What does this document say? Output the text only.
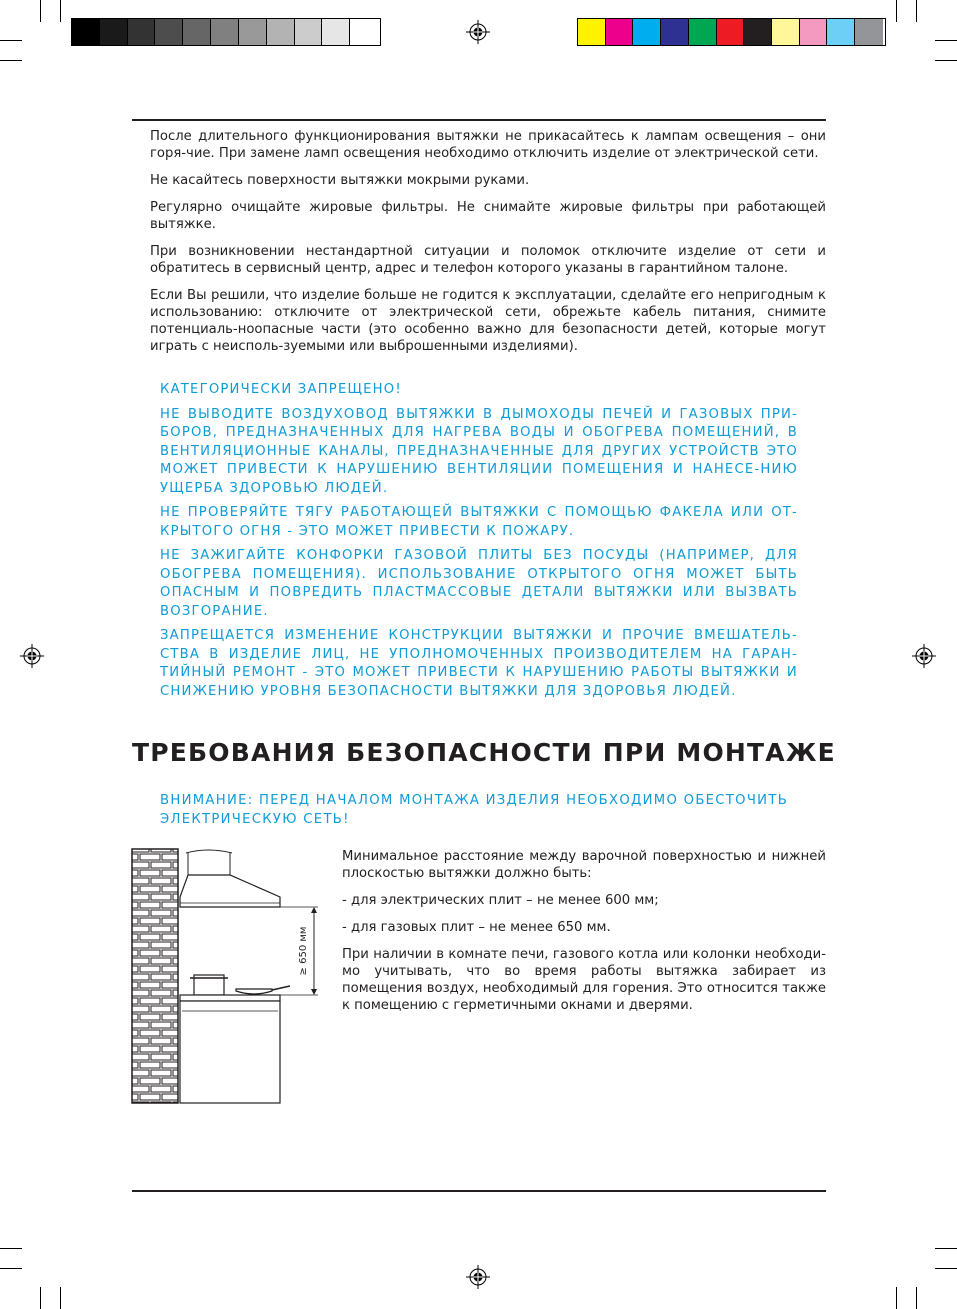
После длительного функционирования вытяжки не прикасайтесь к лампам освещения – они горя-чие. При замене ламп освещения необходимо отключить изделие от электрической сети.

Не касайтесь поверхности вытяжки мокрыми руками.

Регулярно очищайте жировые фильтры. Не снимайте жировые фильтры при работающей вытяжке.

При возникновении нестандартной ситуации и поломок отключите изделие от сети и обратитесь в сервисный центр, адрес и телефон которого указаны в гарантийном талоне.

Если Вы решили, что изделие больше не годится к эксплуатации, сделайте его непригодным к использованию: отключите от электрической сети, обрежьте кабель питания, снимите потенциаль-ноопасные части (это особенно важно для безопасности детей, которые могут играть с неисполь-зуемыми или выброшенными изделиями).

КАТЕГОРИЧЕСКИ ЗАПРЕЩЕНО!

НЕ ВЫВОДИТЕ ВОЗДУХОВОД ВЫТЯЖКИ В ДЫМОХОДЫ ПЕЧЕЙ И ГАЗОВЫХ ПРИ-БОРОВ, ПРЕДНАЗНАЧЕННЫХ ДЛЯ НАГРЕВА ВОДЫ И ОБОГРЕВА ПОМЕЩЕНИЙ, В ВЕНТИЛЯЦИОННЫЕ КАНАЛЫ, ПРЕДНАЗНАЧЕННЫЕ ДЛЯ ДРУГИХ УСТРОЙСТВ ЭТО МОЖЕТ ПРИВЕСТИ К НАРУШЕНИЮ ВЕНТИЛЯЦИИ ПОМЕЩЕНИЯ И НАНЕСЕ-НИЮ УЩЕРБА ЗДОРОВЬЮ ЛЮДЕЙ.

НЕ ПРОВЕРЯЙТЕ ТЯГУ РАБОТАЮЩЕЙ ВЫТЯЖКИ С ПОМОЩЬЮ ФАКЕЛА ИЛИ ОТ-КРЫТОГО ОГНЯ - ЭТО МОЖЕТ ПРИВЕСТИ К ПОЖАРУ.

НЕ ЗАЖИГАЙТЕ КОНФОРКИ ГАЗОВОЙ ПЛИТЫ БЕЗ ПОСУДЫ (НАПРИМЕР, ДЛЯ ОБОГРЕВА ПОМЕЩЕНИЯ). ИСПОЛЬЗОВАНИЕ ОТКРЫТОГО ОГНЯ МОЖЕТ БЫТЬ ОПАСНЫМ И ПОВРЕДИТЬ ПЛАСТМАССОВЫЕ ДЕТАЛИ ВЫТЯЖКИ ИЛИ ВЫЗВАТЬ ВОЗГОРАНИЕ.

ЗАПРЕЩАЕТСЯ ИЗМЕНЕНИЕ КОНСТРУКЦИИ ВЫТЯЖКИ И ПРОЧИЕ ВМЕШАТЕЛЬ-СТВА В ИЗДЕЛИЕ ЛИЦ, НЕ УПОЛНОМОЧЕННЫХ ПРОИЗВОДИТЕЛЕМ НА ГАРАН-ТИЙНЫЙ РЕМОНТ - ЭТО МОЖЕТ ПРИВЕСТИ К НАРУШЕНИЮ РАБОТЫ ВЫТЯЖКИ И СНИЖЕНИЮ УРОВНЯ БЕЗОПАСНОСТИ ВЫТЯЖКИ ДЛЯ ЗДОРОВЬЯ ЛЮДЕЙ.

ТРЕБОВАНИЯ БЕЗОПАСНОСТИ ПРИ МОНТАЖЕ
ВНИМАНИЕ: ПЕРЕД НАЧАЛОМ МОНТАЖА ИЗДЕЛИЯ НЕОБХОДИМО ОБЕСТОЧИТЬ ЭЛЕКТРИЧЕСКУЮ СЕТЬ!
≥ 650 мм

Минимальное расстояние между варочной поверхностью и нижней плоскостью вытяжки должно быть:

- для электрических плит – не менее 600 мм;

- для газовых плит – не менее 650 мм.

При наличии в комнате печи, газового котла или колонки необходи-мо учитывать, что во время работы вытяжка забирает из помещения воздух, необходимый для горения. Это относится также к помещению с герметичными окнами и дверями.
